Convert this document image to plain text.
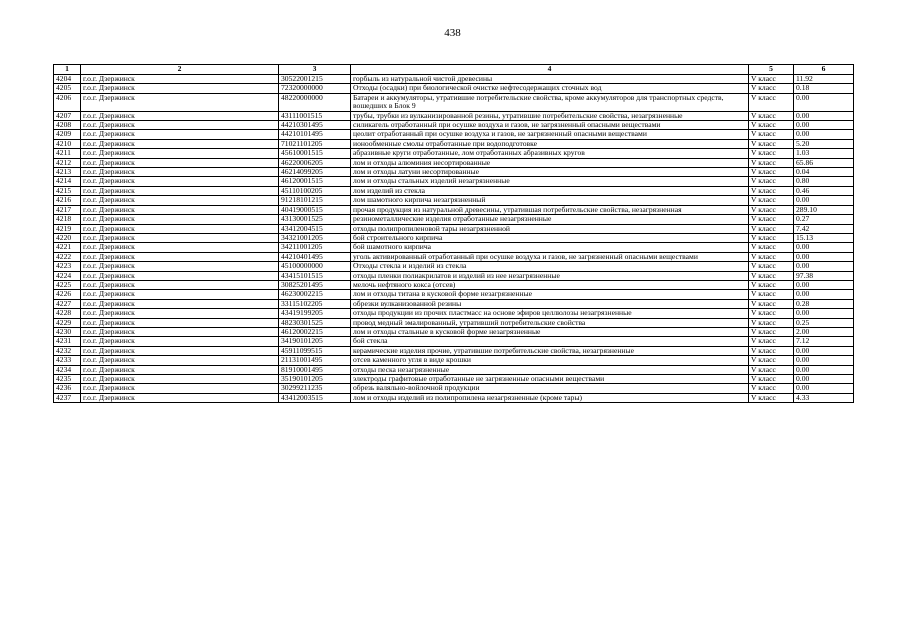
438
1	2	3	4	5	6
4204	г.о.г. Дзержинск	30522001215	горбыль из натуральной чистой древесины	V класс	11.92
4205	г.о.г. Дзержинск	72320000000	Отходы (осадки) при биологической очистке нефтесодержащих сточных вод	V класс	0.18
4206	г.о.г. Дзержинск	48220000000	Батареи и аккумуляторы, утратившие потребительские свойства, кроме аккумуляторов для транспортных средств, вошедших в Блок 9	V класс	0.00
4207	г.о.г. Дзержинск	43111001515	трубы, трубки из вулканизированной резины, утратившие потребительские свойства, незагрязненные	V класс	0.00
4208	г.о.г. Дзержинск	44210301495	силикагель отработанный при осушке воздуха и газов, не загрязненный опасными веществами	V класс	0.00
4209	г.о.г. Дзержинск	44210101495	цеолит отработанный при осушке воздуха и газов, не загрязненный опасными веществами	V класс	0.00
4210	г.о.г. Дзержинск	71021101205	ионообменные смолы отработанные при водоподготовке	V класс	5.20
4211	г.о.г. Дзержинск	45610001515	абразивные круги отработанные, лом отработанных абразивных кругов	V класс	1.03
4212	г.о.г. Дзержинск	46220006205	лом и отходы алюминия несортированные	V класс	65.86
4213	г.о.г. Дзержинск	46214099205	лом и отходы латуни несортированные	V класс	0.04
4214	г.о.г. Дзержинск	46120001515	лом и отходы стальных изделий незагрязненные	V класс	0.80
4215	г.о.г. Дзержинск	45110100205	лом изделий из стекла	V класс	0.46
4216	г.о.г. Дзержинск	91218101215	лом шамотного кирпича незагрязненный	V класс	0.00
4217	г.о.г. Дзержинск	40419000515	прочая продукция из натуральной древесины, утратившая потребительские свойства, незагрязненная	V класс	289.10
4218	г.о.г. Дзержинск	43130001525	резинометаллические изделия отработанные незагрязненные	V класс	0.27
4219	г.о.г. Дзержинск	43412004515	отходы полипропиленовой тары незагрязненной	V класс	7.42
4220	г.о.г. Дзержинск	34321001205	бой строительного кирпича	V класс	15.13
4221	г.о.г. Дзержинск	34211001205	бой шамотного кирпича	V класс	0.00
4222	г.о.г. Дзержинск	44210401495	уголь активированный отработанный при осушке воздуха и газов, не загрязненный опасными веществами	V класс	0.00
4223	г.о.г. Дзержинск	45100000000	Отходы стекла и изделий из стекла	V класс	0.00
4224	г.о.г. Дзержинск	43415101515	отходы пленки полиакрилатов и изделий из нее незагрязненные	V класс	97.38
4225	г.о.г. Дзержинск	30825201495	мелочь нефтяного кокса (отсев)	V класс	0.00
4226	г.о.г. Дзержинск	46230002215	лом и отходы титана в кусковой форме незагрязненные	V класс	0.00
4227	г.о.г. Дзержинск	33115102205	обрезки вулканизованной резины	V класс	0.28
4228	г.о.г. Дзержинск	43419199205	отходы продукции из прочих пластмасс на основе эфиров целлюлозы незагрязненные	V класс	0.00
4229	г.о.г. Дзержинск	48230301525	провод медный эмалированный, утративший потребительские свойства	V класс	0.25
4230	г.о.г. Дзержинск	46120002215	лом и отходы стальные в кусковой форме незагрязненные	V класс	2.00
4231	г.о.г. Дзержинск	34190101205	бой стекла	V класс	7.12
4232	г.о.г. Дзержинск	45911099515	керамические изделия прочие, утратившие потребительские свойства, незагрязненные	V класс	0.00
4233	г.о.г. Дзержинск	21131001495	отсев каменного угля в виде крошки	V класс	0.00
4234	г.о.г. Дзержинск	81910001495	отходы песка незагрязненные	V класс	0.00
4235	г.о.г. Дзержинск	35190101205	электроды графитовые отработанные не загрязненные опасными веществами	V класс	0.00
4236	г.о.г. Дзержинск	30299211235	обрезь валяльно-войлочной продукции	V класс	0.00
4237	г.о.г. Дзержинск	43412003515	лом и отходы изделий из полипропилена незагрязненные (кроме тары)	V класс	4.33
